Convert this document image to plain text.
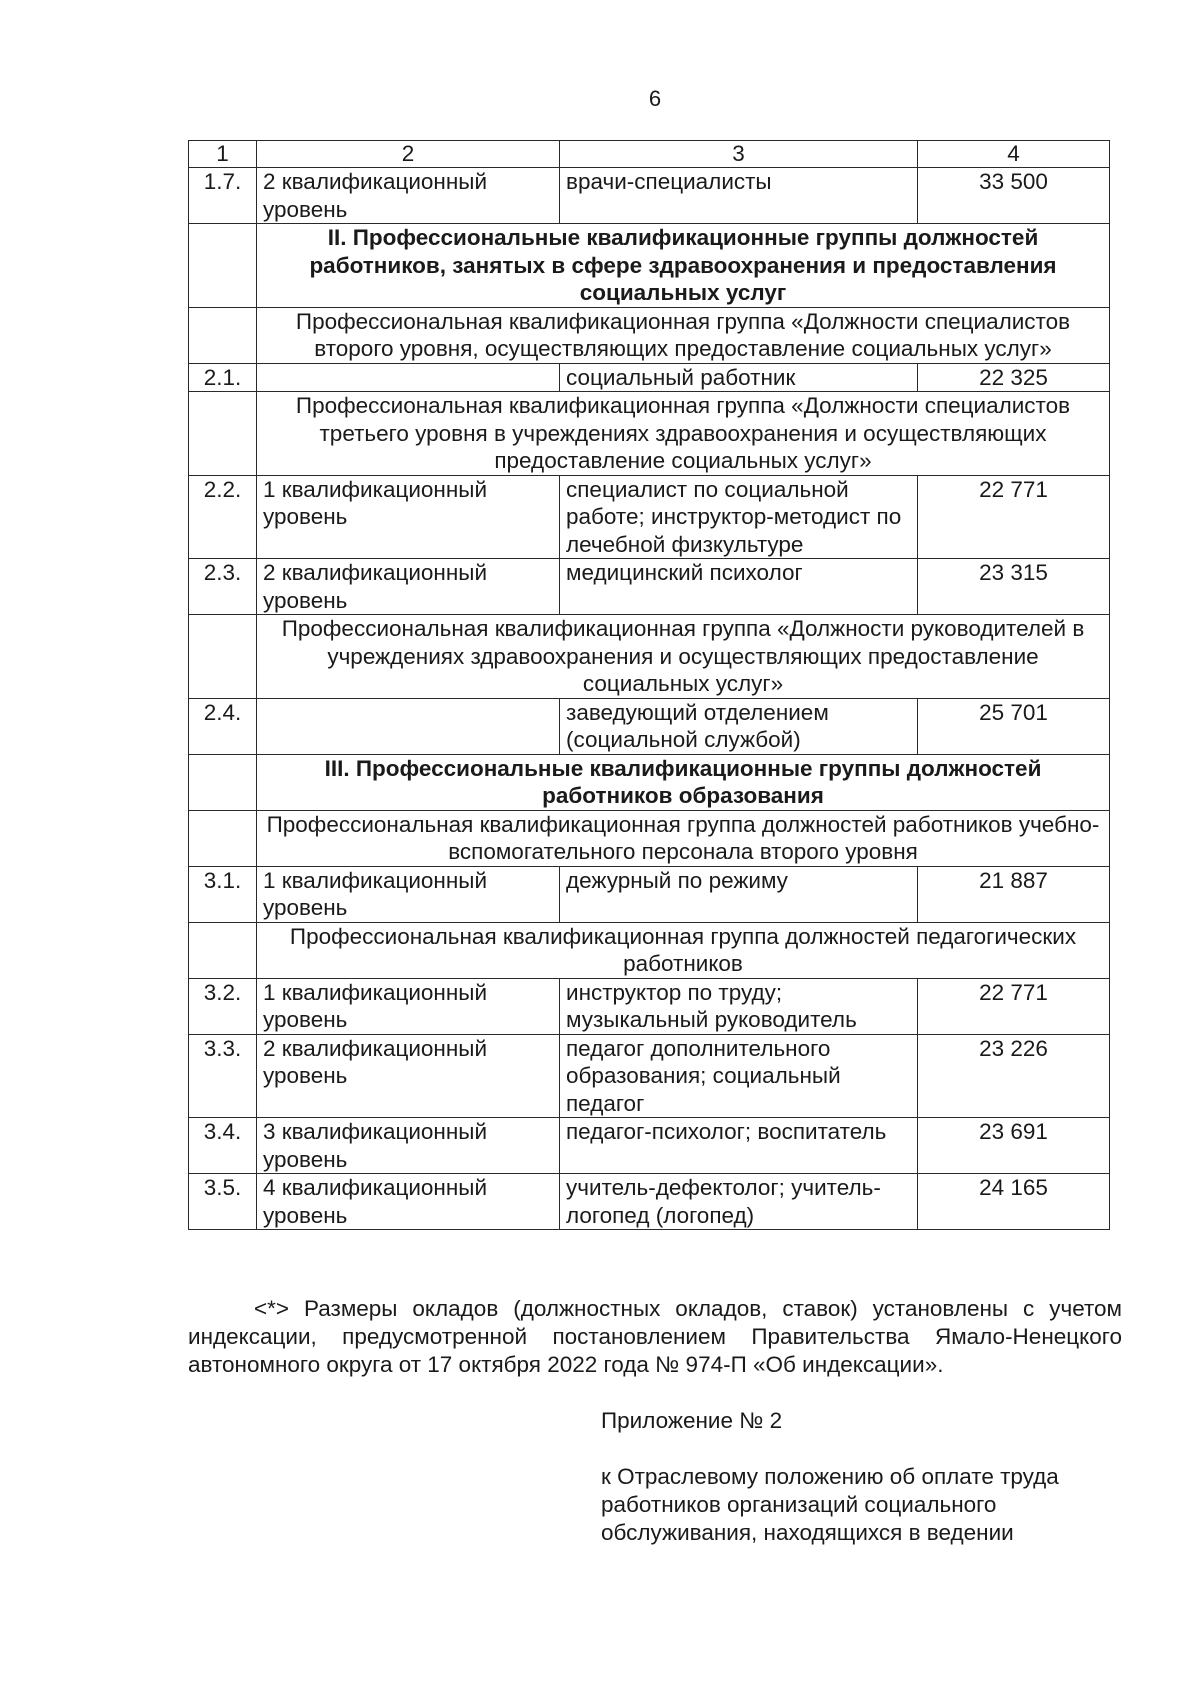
6
1	2	3	4
1.7.	2 квалификационный уровень	врачи-специалисты	33 500
	II. Профессиональные квалификационные группы должностей работников, занятых в сфере здравоохранения и предоставления социальных услуг		
	Профессиональная квалификационная группа «Должности специалистов второго уровня, осуществляющих предоставление социальных услуг»		
2.1.		социальный работник	22 325
	Профессиональная квалификационная группа «Должности специалистов третьего уровня в учреждениях здравоохранения и осуществляющих предоставление социальных услуг»		
2.2.	1 квалификационный уровень	специалист по социальной работе; инструктор-методист по лечебной физкультуре	22 771
2.3.	2 квалификационный уровень	медицинский психолог	23 315
	Профессиональная квалификационная группа «Должности руководителей в учреждениях здравоохранения и осуществляющих предоставление социальных услуг»		
2.4.		заведующий отделением (социальной службой)	25 701
	III. Профессиональные квалификационные группы должностей работников образования		
	Профессиональная квалификационная группа должностей работников учебно-вспомогательного персонала второго уровня		
3.1.	1 квалификационный уровень	дежурный по режиму	21 887
	Профессиональная квалификационная группа должностей педагогических работников		
3.2.	1 квалификационный уровень	инструктор по труду; музыкальный руководитель	22 771
3.3.	2 квалификационный уровень	педагог дополнительного образования; социальный педагог	23 226
3.4.	3 квалификационный уровень	педагог-психолог; воспитатель	23 691
3.5.	4 квалификационный уровень	учитель-дефектолог; учитель-логопед (логопед)	24 165
<*> Размеры окладов (должностных окладов, ставок) установлены с учетом индексации, предусмотренной постановлением Правительства Ямало-Ненецкого автономного округа от 17 октября 2022 года № 974-П «Об индексации».
Приложение № 2
к Отраслевому положению об оплате труда работников организаций социального обслуживания, находящихся в ведении
